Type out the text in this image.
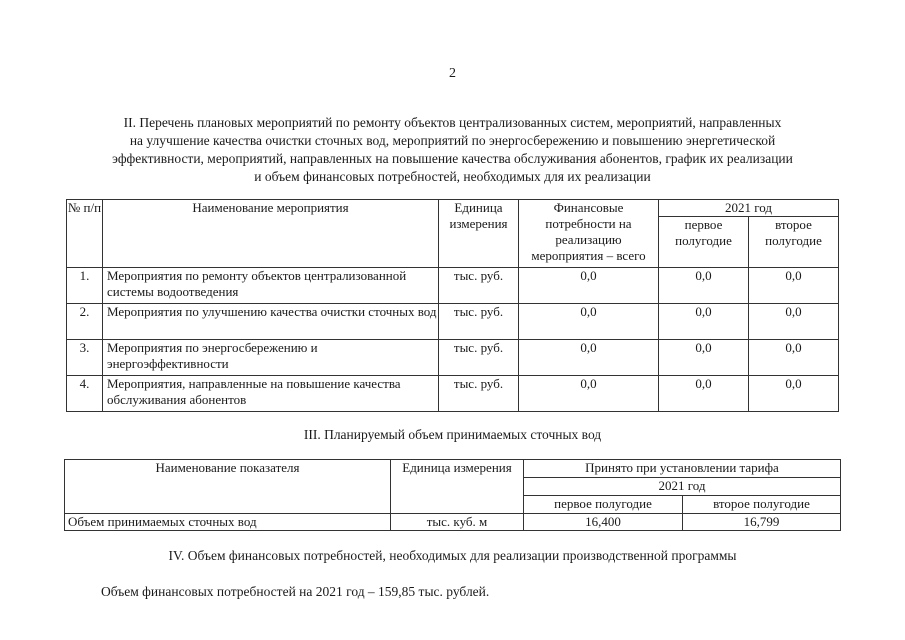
2
II. Перечень плановых мероприятий по ремонту объектов централизованных систем, мероприятий, направленных
на улучшение качества очистки сточных вод, мероприятий по энергосбережению и повышению энергетической
эффективности, мероприятий, направленных на повышение качества обслуживания абонентов, график их реализации
и объем финансовых потребностей, необходимых для их реализации
№ п/п	Наименование мероприятия	Единица измерения	Финансовые потребности на реализацию мероприятия – всего	2021 год	
				первое полугодие	второе полугодие
1.	Мероприятия по ремонту объектов централизованной системы водоотведения	тыс. руб.	0,0	0,0	0,0
2.	Мероприятия по улучшению качества очистки сточных вод	тыс. руб.	0,0	0,0	0,0
3.	Мероприятия по энергосбережению и энергоэффективности	тыс. руб.	0,0	0,0	0,0
4.	Мероприятия, направленные на повышение качества обслуживания абонентов	тыс. руб.	0,0	0,0	0,0
III. Планируемый объем принимаемых сточных вод
Наименование показателя	Единица измерения	Принято при установлении тарифа	
		2021 год	
		первое полугодие	второе полугодие
Объем принимаемых сточных вод	тыс. куб. м	16,400	16,799
IV. Объем финансовых потребностей, необходимых для реализации производственной программы
Объем финансовых потребностей на 2021 год – 159,85 тыс. рублей.
